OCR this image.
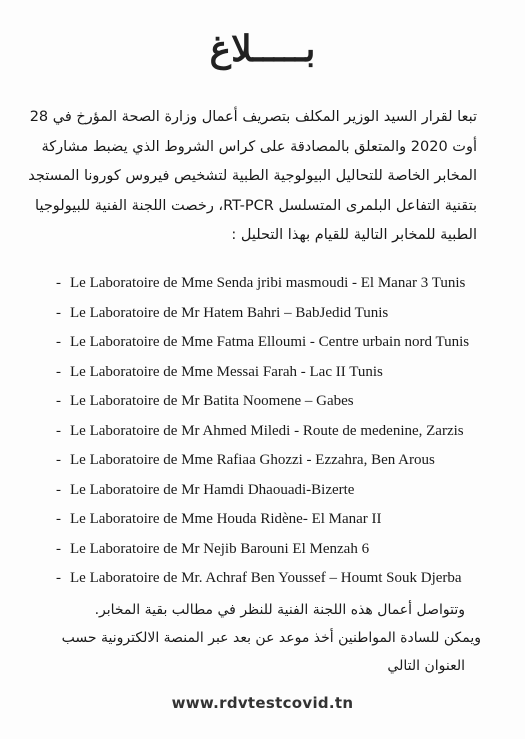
بـــــلاغ
تبعا لقرار السيد الوزير المكلف بتصريف أعمال وزارة الصحة المؤرخ في 28
أوت 2020 والمتعلق بالمصادقة على كراس الشروط الذي يضبط مشاركة
المخابر الخاصة للتحاليل البيولوجية الطبية لتشخيص فيروس كورونا المستجد
بتقنية التفاعل البلمرى المتسلسل RT-PCR، رخصت اللجنة الفنية للبيولوجيا
الطبية للمخابر التالية للقيام بهذا التحليل :
- Le Laboratoire de Mme Senda jribi masmoudi - El Manar 3 Tunis
- Le Laboratoire de Mr Hatem Bahri – BabJedid Tunis
- Le Laboratoire de Mme Fatma Elloumi - Centre urbain nord Tunis
- Le Laboratoire de Mme Messai Farah - Lac II Tunis
- Le Laboratoire de Mr Batita Noomene – Gabes
- Le Laboratoire de Mr Ahmed Miledi - Route de medenine, Zarzis
- Le Laboratoire de Mme Rafiaa Ghozzi - Ezzahra, Ben Arous
- Le Laboratoire de Mr Hamdi Dhaouadi-Bizerte
- Le Laboratoire de Mme Houda Ridène- El Manar II
- Le Laboratoire de Mr Nejib Barouni El Menzah 6
- Le Laboratoire de Mr. Achraf Ben Youssef – Houmt Souk Djerba
وتتواصل أعمال هذه اللجنة الفنية للنظر في مطالب بقية المخابر.
ويمكن للسادة المواطنين أخذ موعد عن بعد عبر المنصة الالكترونية حسب
العنوان التالي
www.rdvtestcovid.tn
